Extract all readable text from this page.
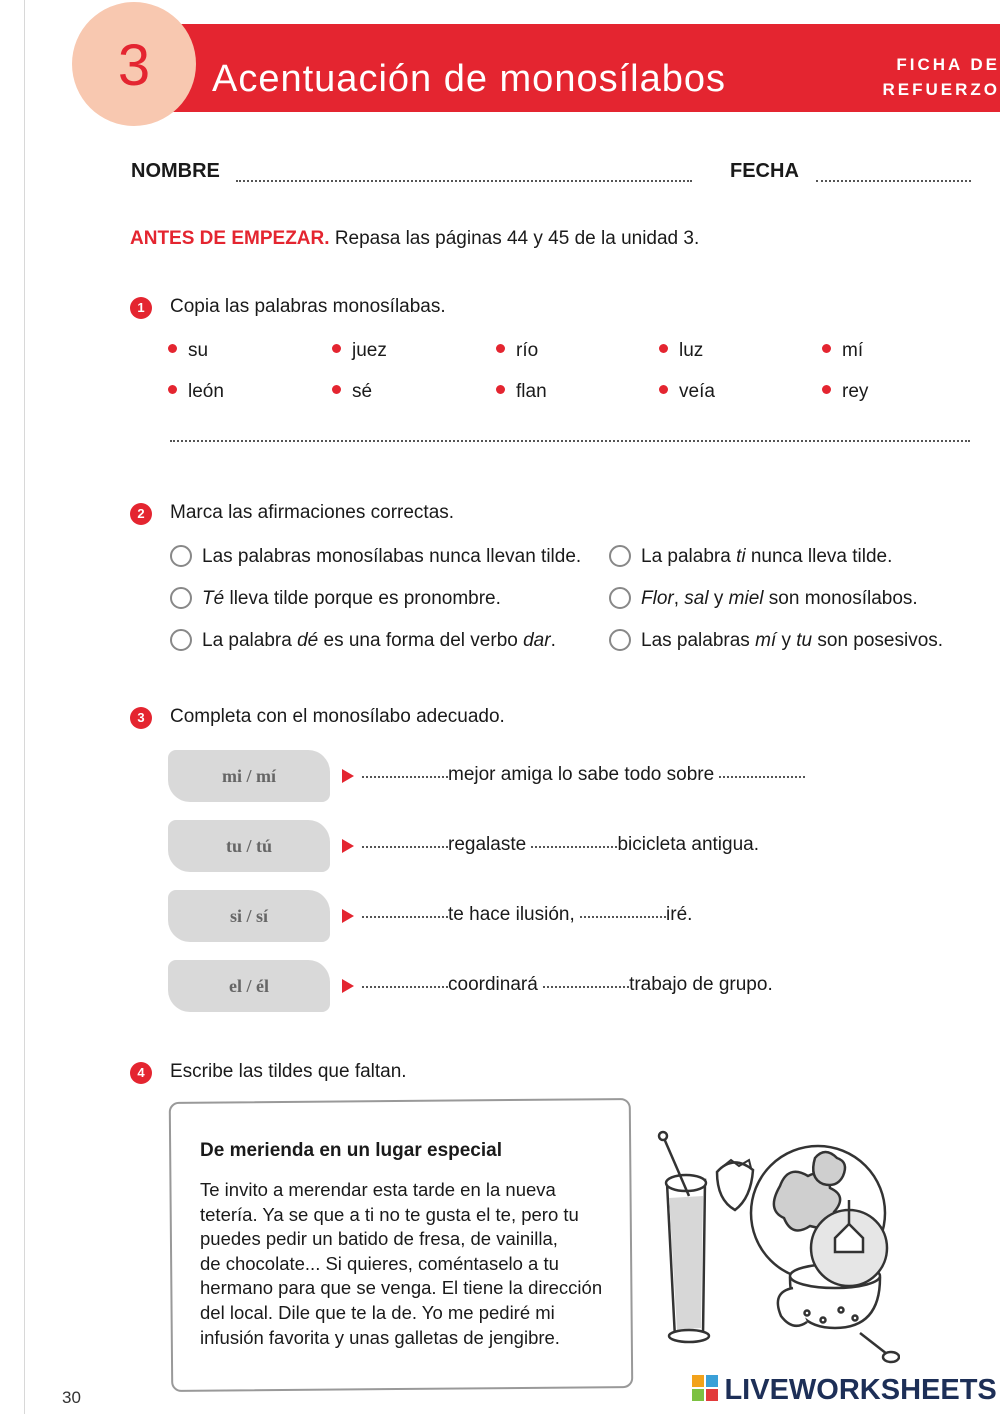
3	Acentuación de monosílabos	FICHA DE
REFUERZO
NOMBRE	FECHA
ANTES DE EMPEZAR. Repasa las páginas 44 y 45 de la unidad 3.
1	Copia las palabras monosílabas.
su	juez	río	luz	mí
león	sé	flan	veía	rey
2	Marca las afirmaciones correctas.
Las palabras monosílabas nunca llevan tilde.
Té lleva tilde porque es pronombre.
La palabra dé es una forma del verbo dar.
La palabra ti nunca lleva tilde.
Flor, sal y miel son monosílabos.
Las palabras mí y tu son posesivos.
3	Completa con el monosílabo adecuado.
mi / mí	mejor amiga lo sabe todo sobre
tu / tú	regalaste	bicicleta antigua.
si / sí	te hace ilusión,	iré.
el / él	coordinará	trabajo de grupo.
4	Escribe las tildes que faltan.
De merienda en un lugar especial
Te invito a merendar esta tarde en la nueva
tetería. Ya se que a ti no te gusta el te, pero tu
puedes pedir un batido de fresa, de vainilla,
de chocolate... Si quieres, coméntaselo a tu
hermano para que se venga. El tiene la dirección
del local. Dile que te la de. Yo me pediré mi
infusión favorita y unas galletas de jengibre.
30	LIVEWORKSHEETS
